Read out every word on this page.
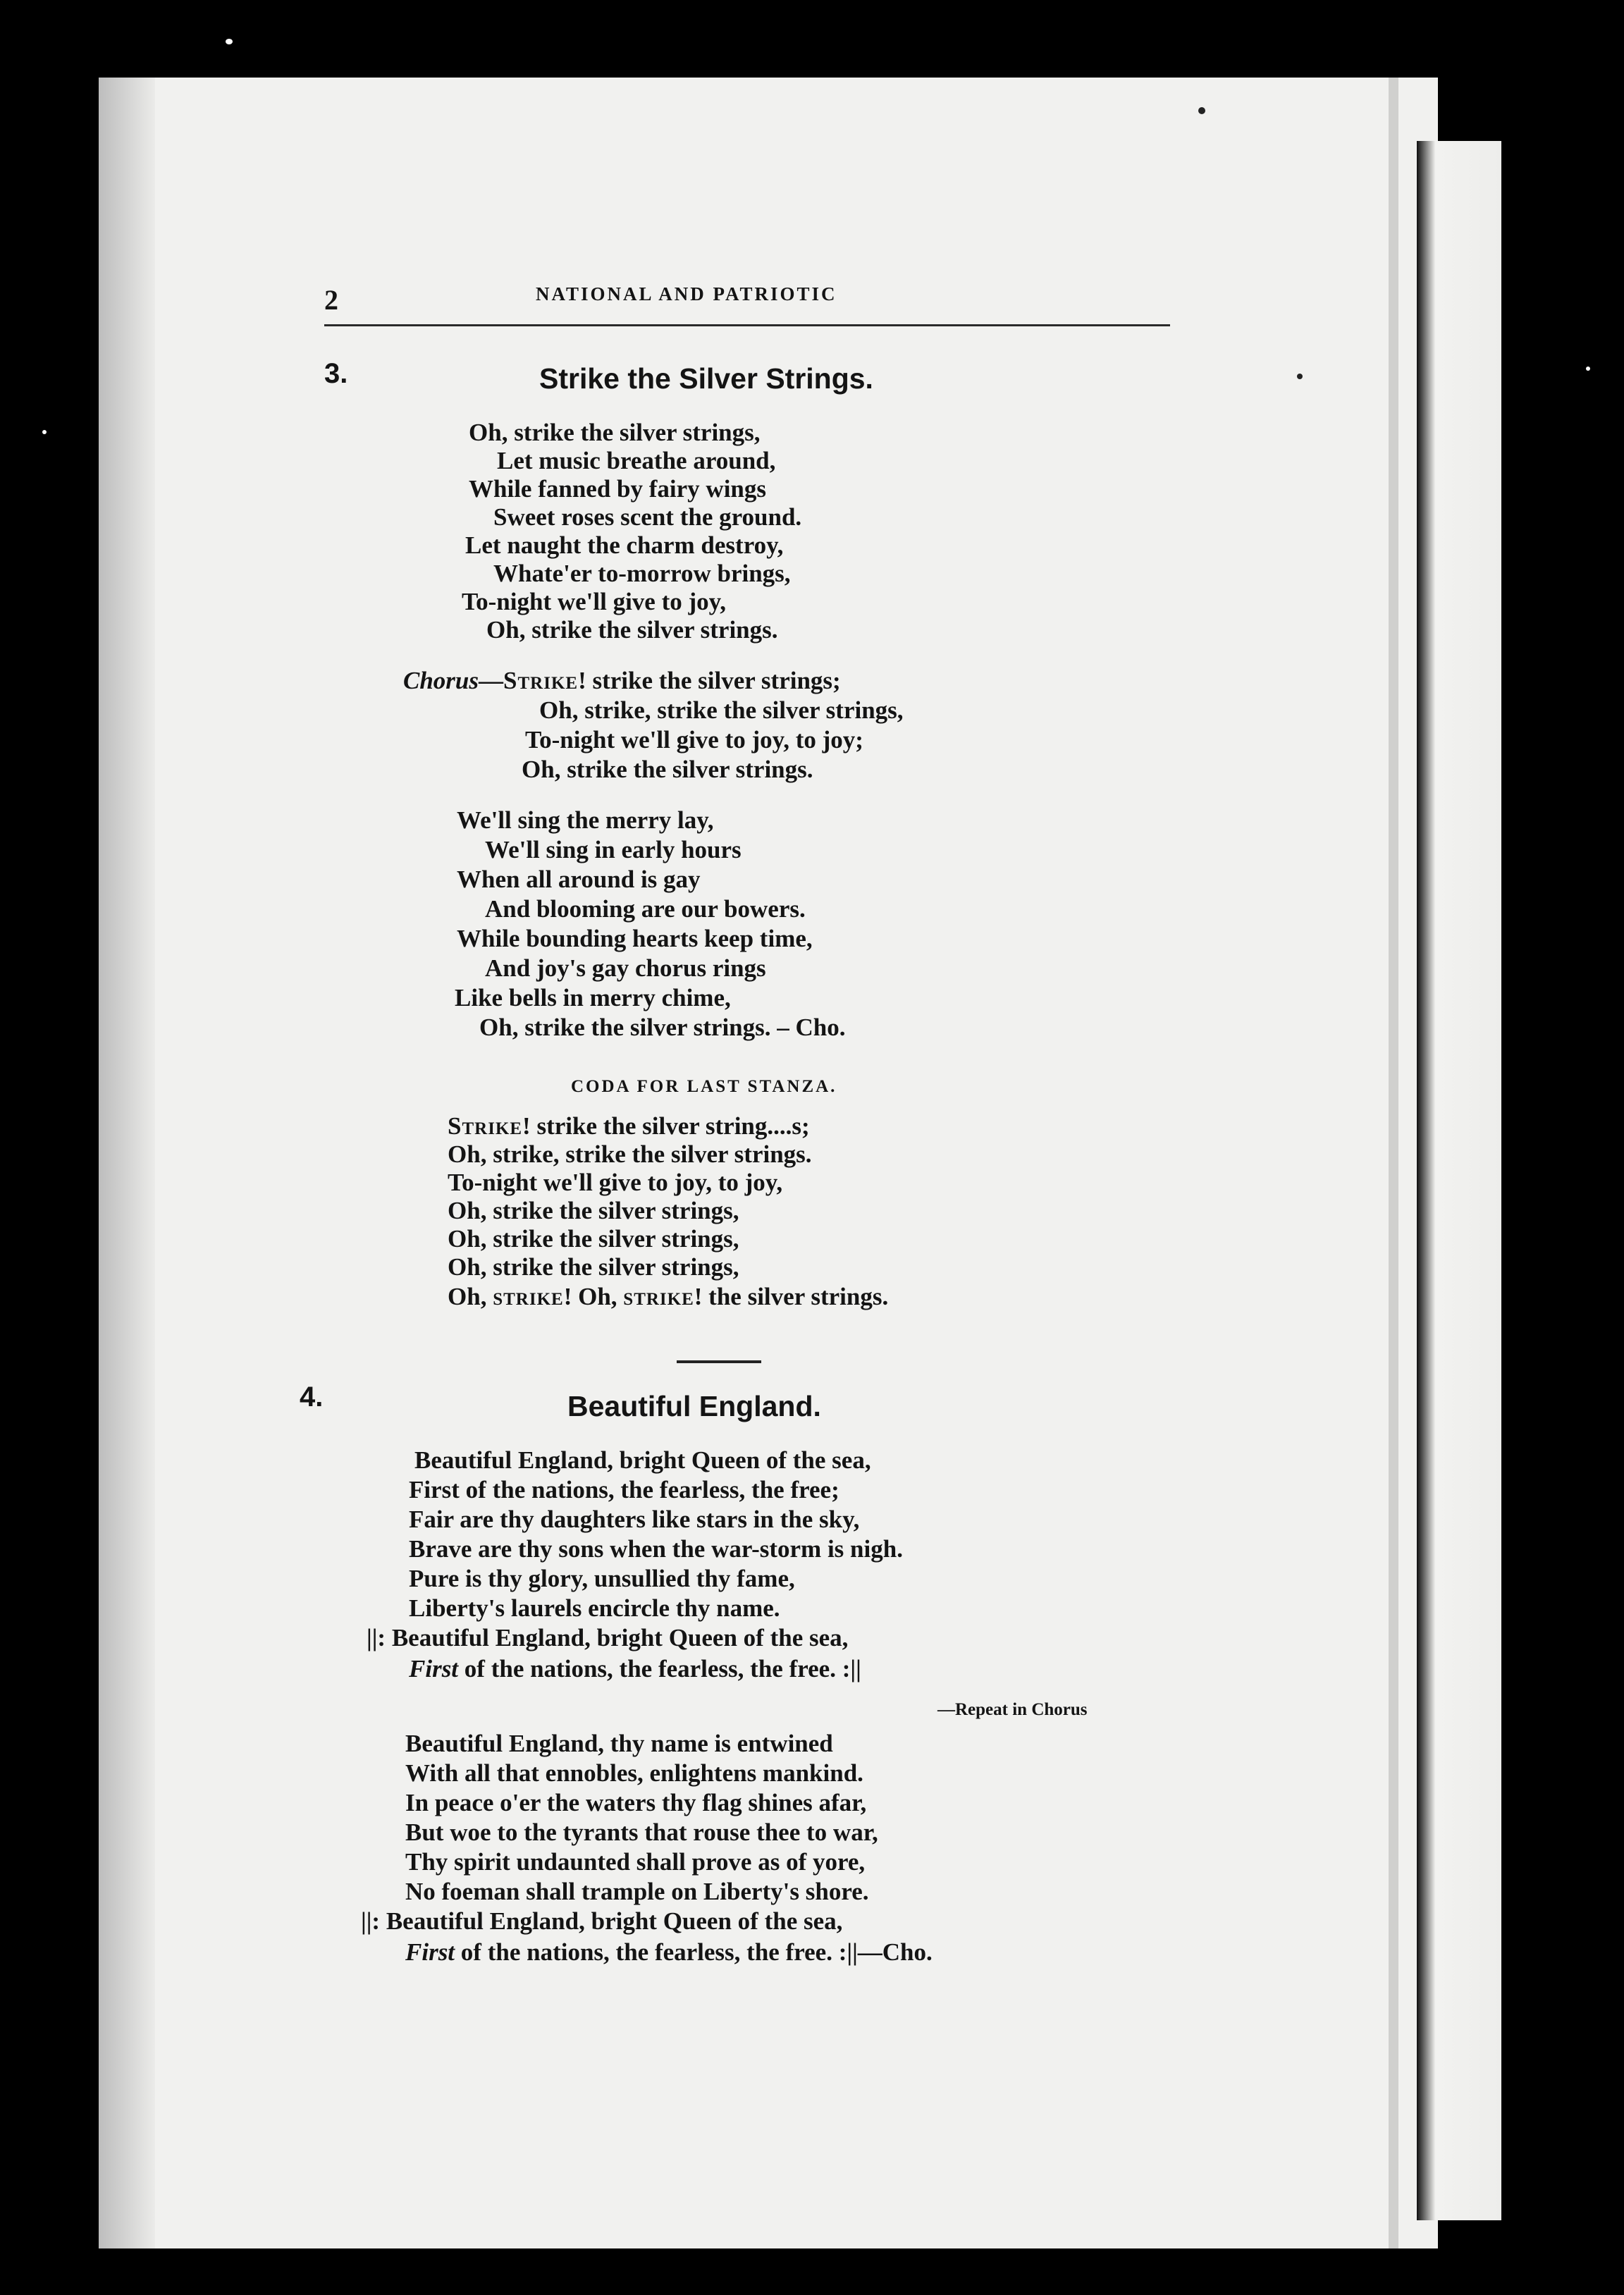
2	NATIONAL AND PATRIOTIC
3.	Strike the Silver Strings.
Oh, strike the silver strings,
Let music breathe around,
While fanned by fairy wings
Sweet roses scent the ground.
Let naught the charm destroy,
Whate'er to-morrow brings,
To-night we'll give to joy,
Oh, strike the silver strings.
Chorus—Strike! strike the silver strings;
Oh, strike, strike the silver strings,
To-night we'll give to joy, to joy;
Oh, strike the silver strings.
We'll sing the merry lay,
We'll sing in early hours
When all around is gay
And blooming are our bowers.
While bounding hearts keep time,
And joy's gay chorus rings
Like bells in merry chime,
Oh, strike the silver strings. – Cho.
CODA FOR LAST STANZA.
Strike! strike the silver string....s;
Oh, strike, strike the silver strings.
To-night we'll give to joy, to joy,
Oh, strike the silver strings,
Oh, strike the silver strings,
Oh, strike the silver strings,
Oh, strike! Oh, strike! the silver strings.
4.	Beautiful England.
Beautiful England, bright Queen of the sea,
First of the nations, the fearless, the free;
Fair are thy daughters like stars in the sky,
Brave are thy sons when the war-storm is nigh.
Pure is thy glory, unsullied thy fame,
Liberty's laurels encircle thy name.
||: Beautiful England, bright Queen of the sea,
First of the nations, the fearless, the free. :||
—Repeat in Chorus
Beautiful England, thy name is entwined
With all that ennobles, enlightens mankind.
In peace o'er the waters thy flag shines afar,
But woe to the tyrants that rouse thee to war,
Thy spirit undaunted shall prove as of yore,
No foeman shall trample on Liberty's shore.
||: Beautiful England, bright Queen of the sea,
First of the nations, the fearless, the free. :||—Cho.
